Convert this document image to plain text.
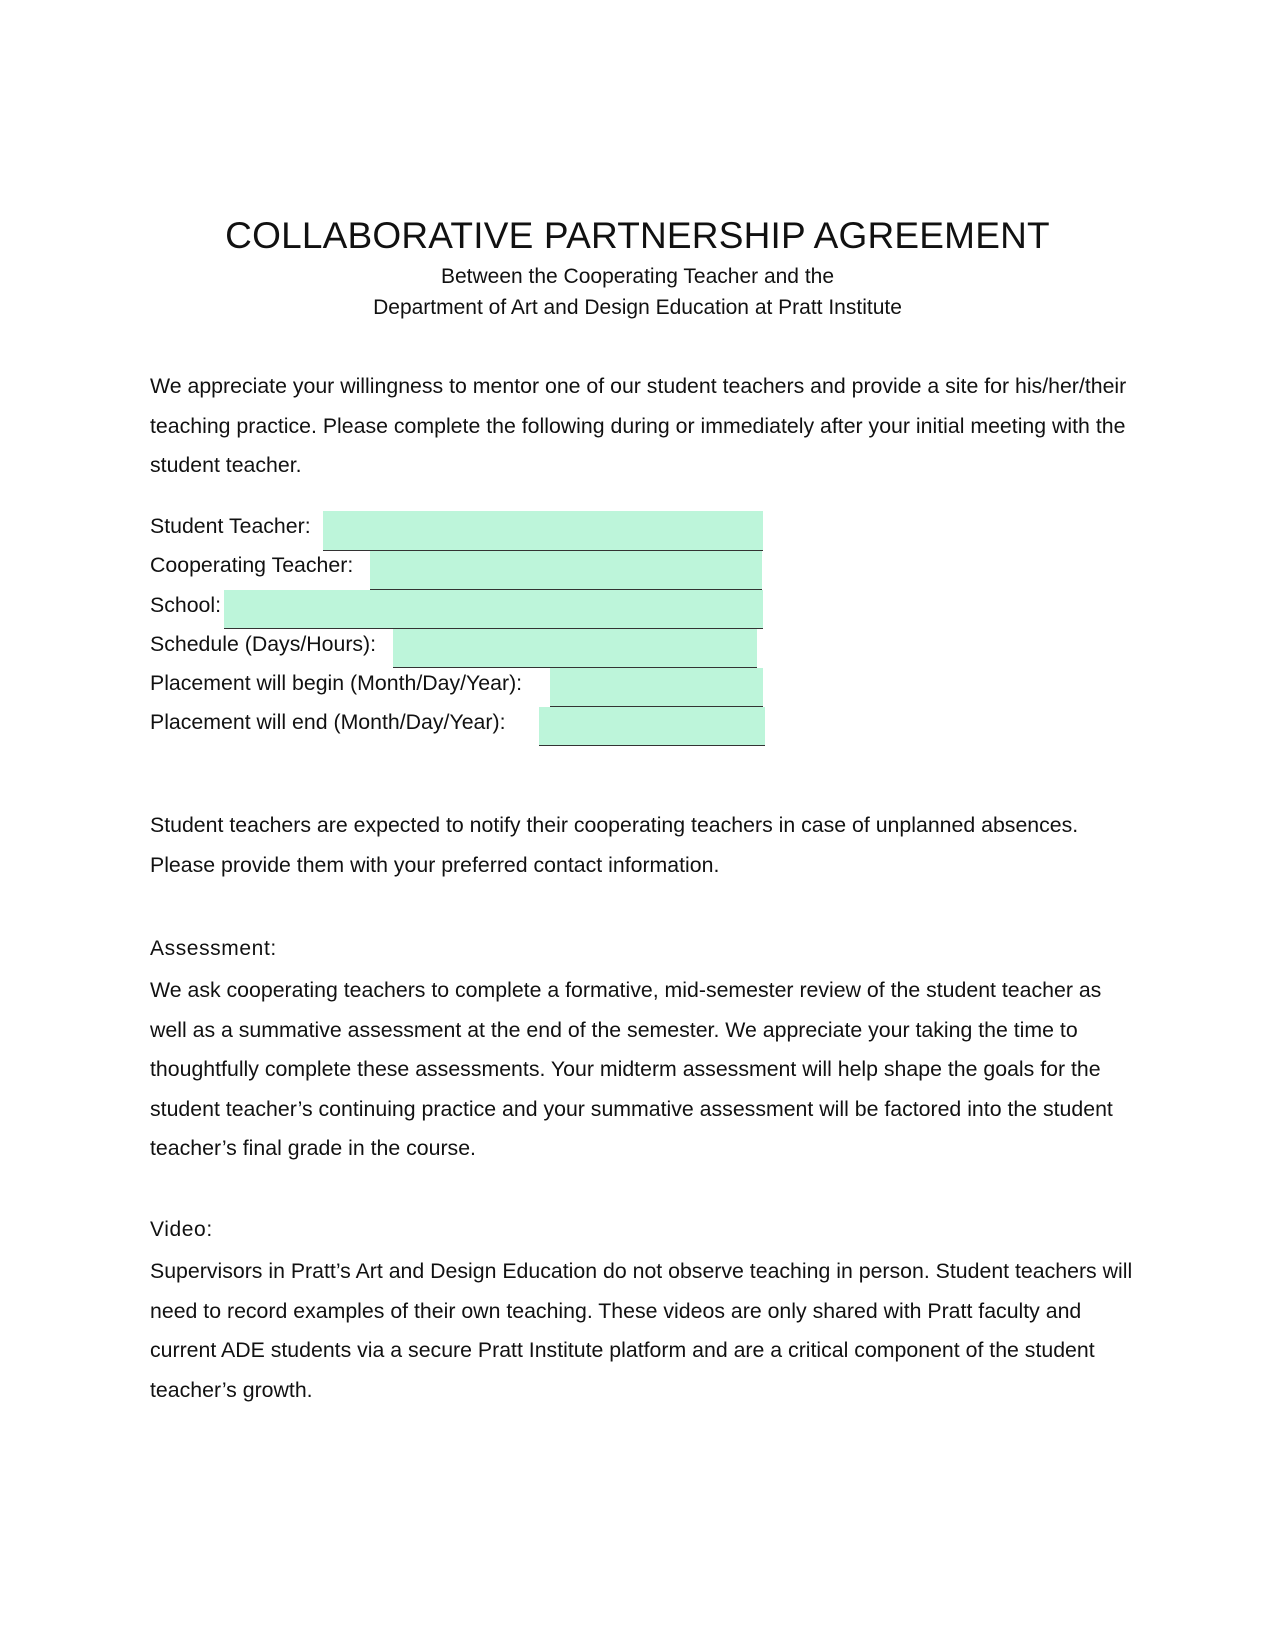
COLLABORATIVE PARTNERSHIP AGREEMENT
Between the Cooperating Teacher and the
Department of Art and Design Education at Pratt Institute

We appreciate your willingness to mentor one of our student teachers and provide a site for his/her/their teaching practice. Please complete the following during or immediately after your initial meeting with the student teacher.

Student Teacher:
Cooperating Teacher:
School:
Schedule (Days/Hours):
Placement will begin (Month/Day/Year):
Placement will end (Month/Day/Year):

Student teachers are expected to notify their cooperating teachers in case of unplanned absences. Please provide them with your preferred contact information.

Assessment:

We ask cooperating teachers to complete a formative, mid-semester review of the student teacher as well as a summative assessment at the end of the semester. We appreciate your taking the time to thoughtfully complete these assessments. Your midterm assessment will help shape the goals for the student teacher’s continuing practice and your summative assessment will be factored into the student teacher’s final grade in the course.

Video:

Supervisors in Pratt’s Art and Design Education do not observe teaching in person. Student teachers will need to record examples of their own teaching. These videos are only shared with Pratt faculty and current ADE students via a secure Pratt Institute platform and are a critical component of the student teacher’s growth.
